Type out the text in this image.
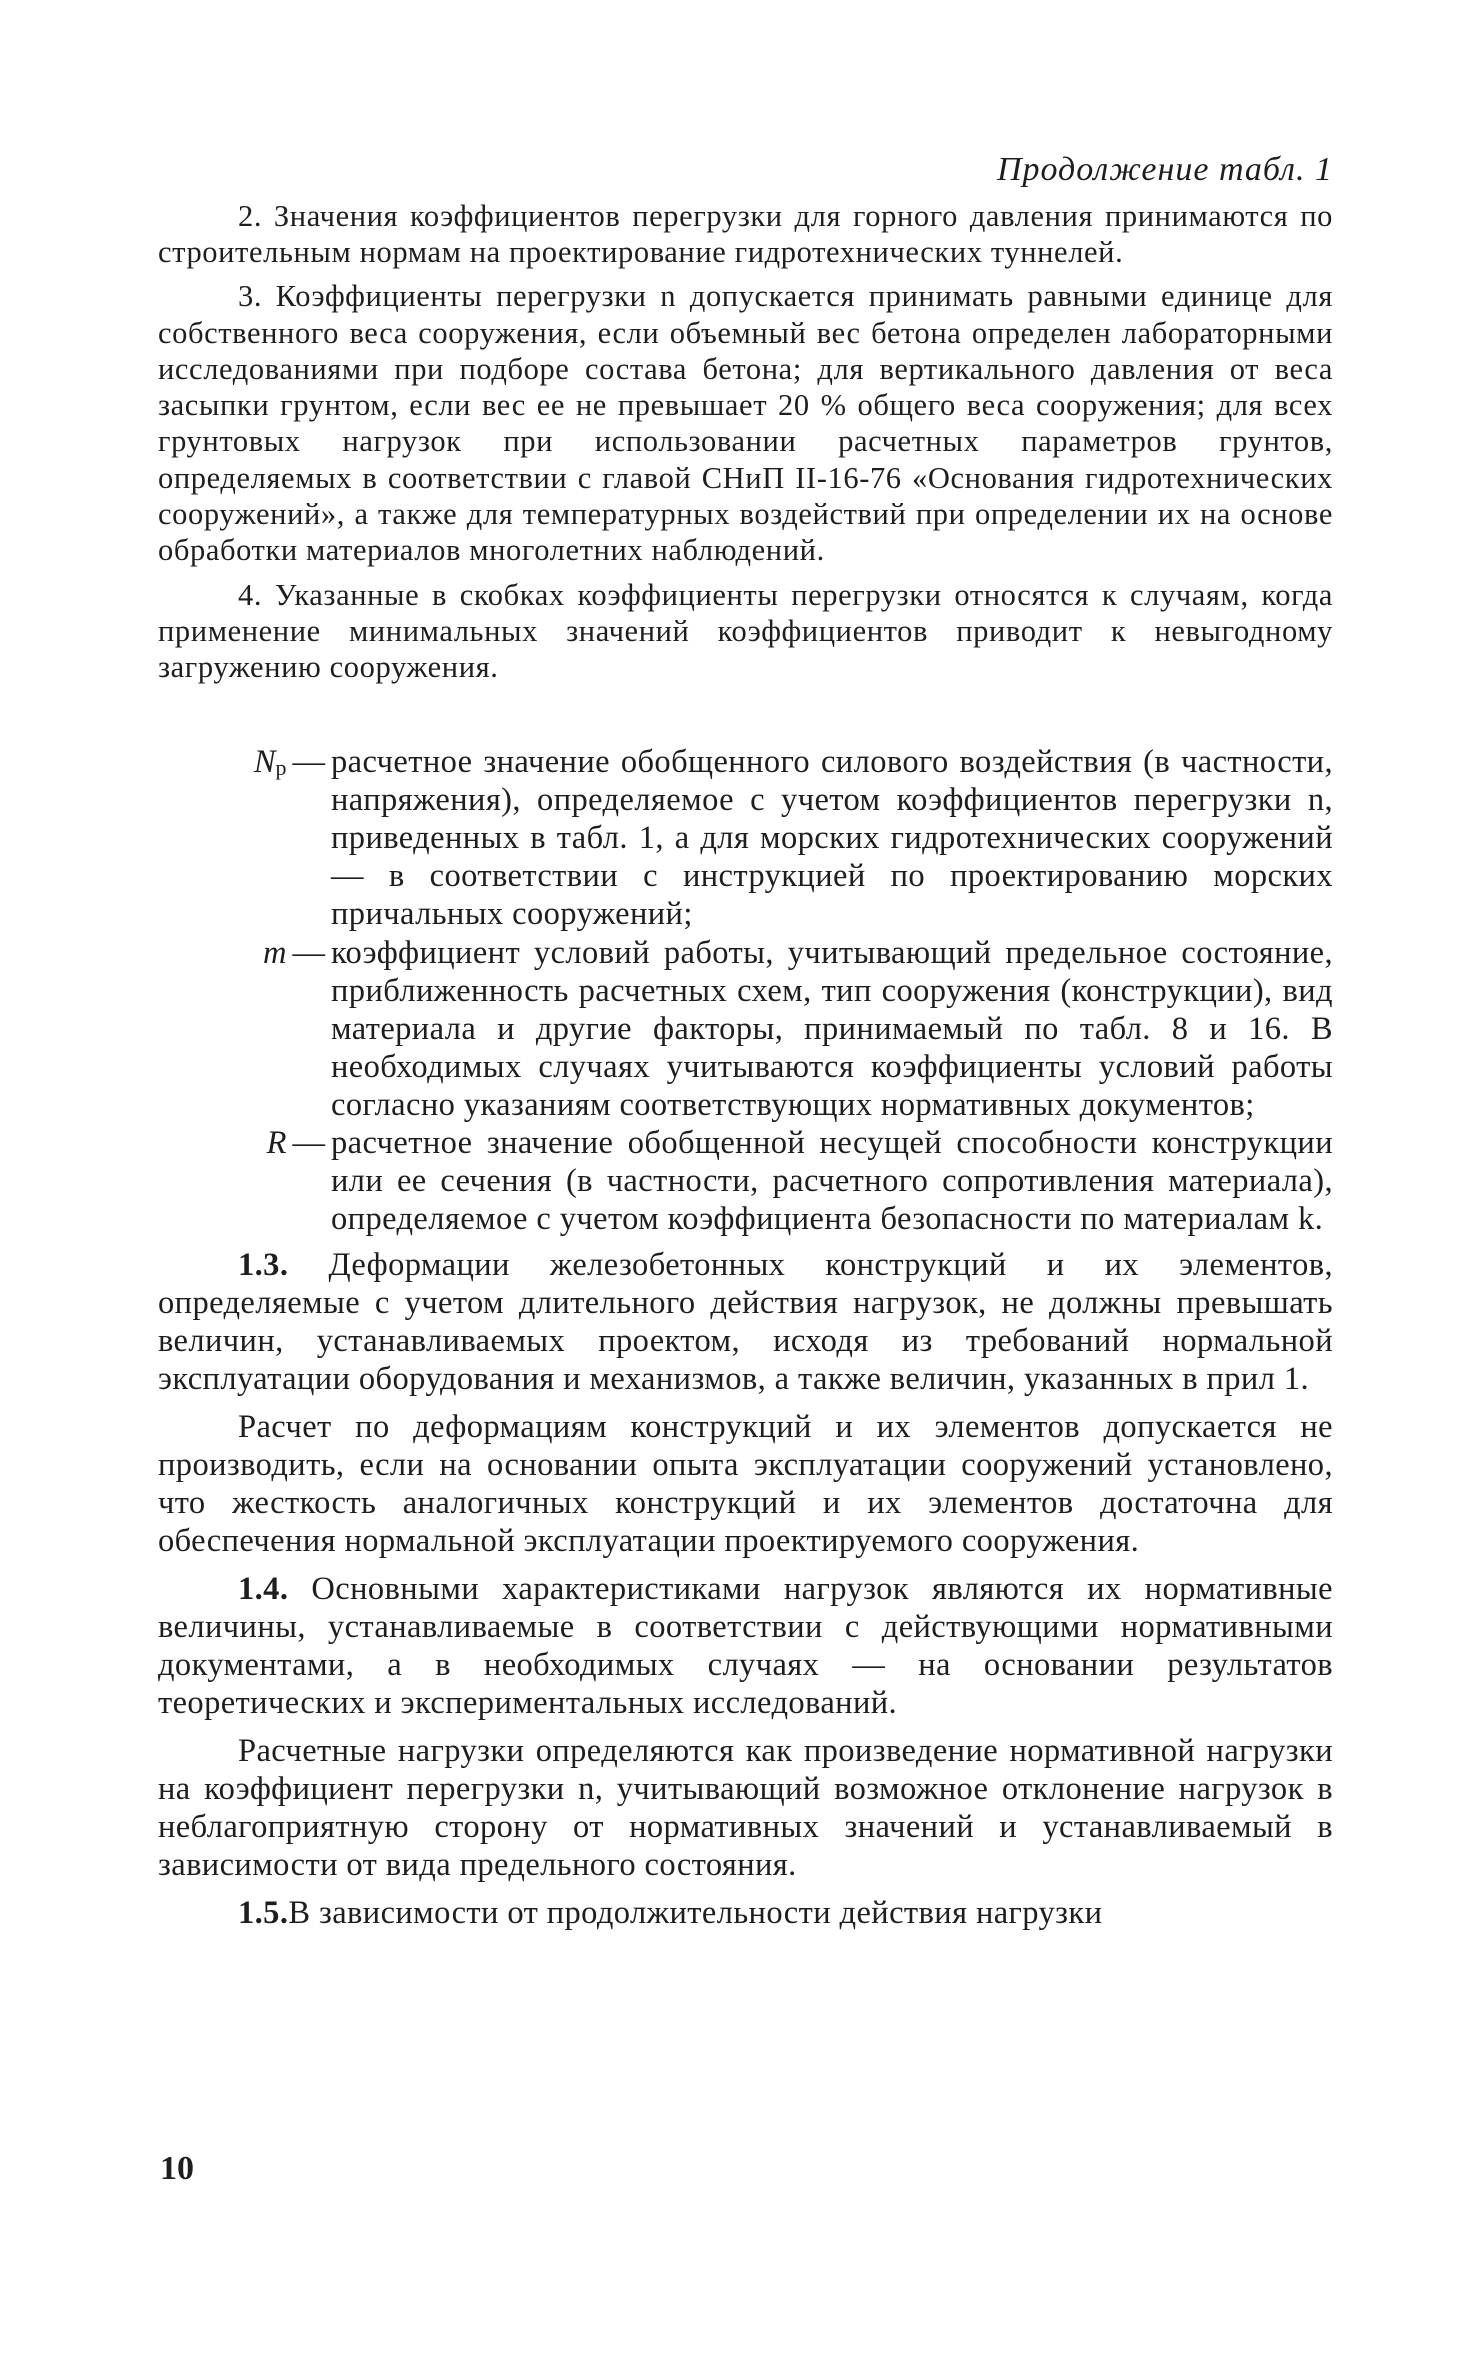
Продолжение табл. 1

2. Значения коэффициентов перегрузки для горного давления принимаются по строительным нормам на проектирование гидротехнических туннелей.

3. Коэффициенты перегрузки n допускается принимать равными единице для собственного веса сооружения, если объемный вес бетона определен лабораторными исследованиями при подборе состава бетона; для вертикального давления от веса засыпки грунтом, если вес ее не превышает 20 % общего веса сооружения; для всех грунтовых нагрузок при использовании расчетных параметров грунтов, определяемых в соответствии с главой СНиП II-16-76 «Основания гидротехнических сооружений», а также для температурных воздействий при определении их на основе обработки материалов многолетних наблюдений.

4. Указанные в скобках коэффициенты перегрузки относятся к случаям, когда применение минимальных значений коэффициентов приводит к невыгодному загружению сооружения.

$N_р$ — расчетное значение обобщенного силового воздействия (в частности, напряжения), определяемое с учетом коэффициентов перегрузки n, приведенных в табл. 1, а для морских гидротехнических сооружений — в соответствии с инструкцией по проектированию морских причальных сооружений;
m — коэффициент условий работы, учитывающий предельное состояние, приближенность расчетных схем, тип сооружения (конструкции), вид материала и другие факторы, принимаемый по табл. 8 и 16. В необходимых случаях учитываются коэффициенты условий работы согласно указаниям соответствующих нормативных документов;
R — расчетное значение обобщенной несущей способности конструкции или ее сечения (в частности, расчетного сопротивления материала), определяемое с учетом коэффициента безопасности по материалам k.

1.3. Деформации железобетонных конструкций и их элементов, определяемые с учетом длительного действия нагрузок, не должны превышать величин, устанавливаемых проектом, исходя из требований нормальной эксплуатации оборудования и механизмов, а также величин, указанных в прил 1.

Расчет по деформациям конструкций и их элементов допускается не производить, если на основании опыта эксплуатации сооружений установлено, что жесткость аналогичных конструкций и их элементов достаточна для обеспечения нормальной эксплуатации проектируемого сооружения.

1.4. Основными характеристиками нагрузок являются их нормативные величины, устанавливаемые в соответствии с действующими нормативными документами, а в необходимых случаях — на основании результатов теоретических и экспериментальных исследований.

Расчетные нагрузки определяются как произведение нормативной нагрузки на коэффициент перегрузки n, учитывающий возможное отклонение нагрузок в неблагоприятную сторону от нормативных значений и устанавливаемый в зависимости от вида предельного состояния.

1.5.В зависимости от продолжительности действия нагрузки

10
